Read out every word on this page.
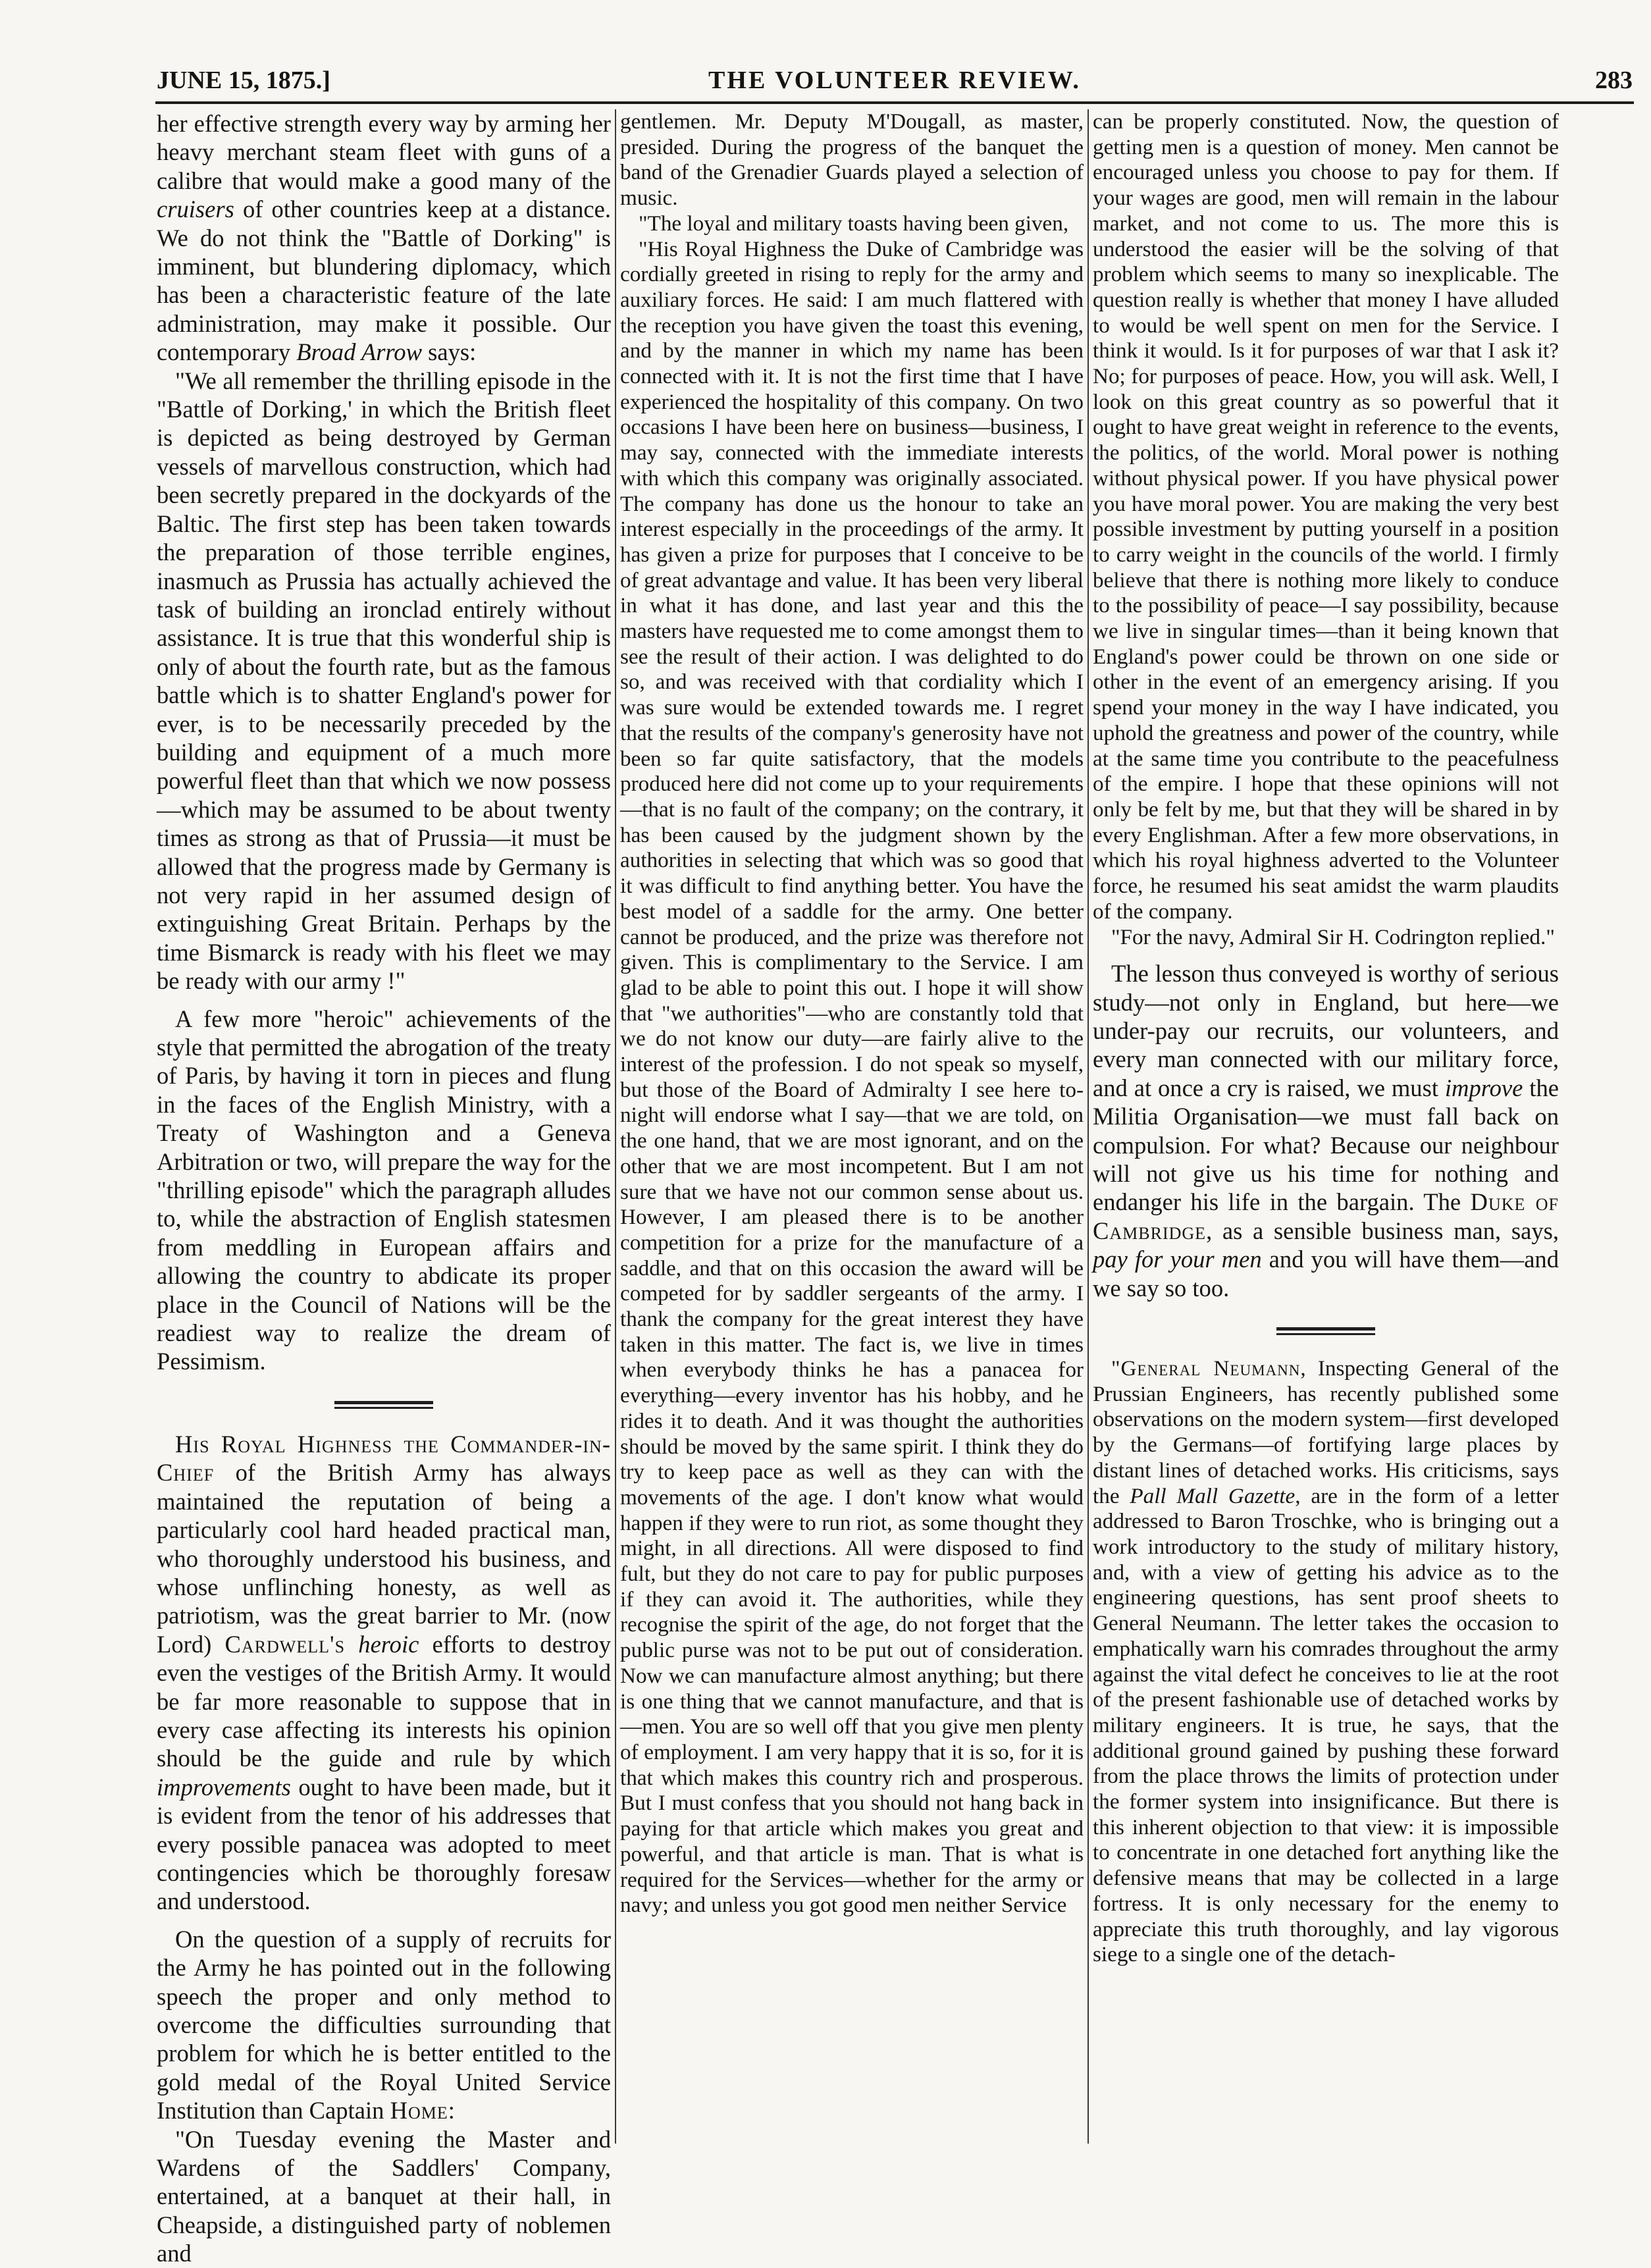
JUNE 15, 1875.]	THE VOLUNTEER REVIEW.	283

her effective strength every way by arming her heavy merchant steam fleet with guns of a calibre that would make a good many of the cruisers of other countries keep at a distance. We do not think the "Battle of Dorking" is imminent, but blundering diplomacy, which has been a characteristic feature of the late administration, may make it possible. Our contemporary Broad Arrow says:

"We all remember the thrilling episode in the "Battle of Dorking,' in which the British fleet is depicted as being destroyed by German vessels of marvellous construction, which had been secretly prepared in the dockyards of the Baltic. The first step has been taken towards the preparation of those terrible engines, inasmuch as Prussia has actually achieved the task of building an ironclad entirely without assistance. It is true that this wonderful ship is only of about the fourth rate, but as the famous battle which is to shatter England's power for ever, is to be necessarily preceded by the building and equipment of a much more powerful fleet than that which we now possess—which may be assumed to be about twenty times as strong as that of Prussia—it must be allowed that the progress made by Germany is not very rapid in her assumed design of extinguishing Great Britain. Perhaps by the time Bismarck is ready with his fleet we may be ready with our army !"

A few more "heroic" achievements of the style that permitted the abrogation of the treaty of Paris, by having it torn in pieces and flung in the faces of the English Ministry, with a Treaty of Washington and a Geneva Arbitration or two, will prepare the way for the "thrilling episode" which the paragraph alludes to, while the abstraction of English statesmen from meddling in European affairs and allowing the country to abdicate its proper place in the Council of Nations will be the readiest way to realize the dream of Pessimism.

His Royal Highness the Commander-in-Chief of the British Army has always maintained the reputation of being a particularly cool hard headed practical man, who thoroughly understood his business, and whose unflinching honesty, as well as patriotism, was the great barrier to Mr. (now Lord) Cardwell's heroic efforts to destroy even the vestiges of the British Army. It would be far more reasonable to suppose that in every case affecting its interests his opinion should be the guide and rule by which improvements ought to have been made, but it is evident from the tenor of his addresses that every possible panacea was adopted to meet contingencies which be thoroughly foresaw and understood.

On the question of a supply of recruits for the Army he has pointed out in the following speech the proper and only method to overcome the difficulties surrounding that problem for which he is better entitled to the gold medal of the Royal United Service Institution than Captain Home:

"On Tuesday evening the Master and Wardens of the Saddlers' Company, entertained, at a banquet at their hall, in Cheapside, a distinguished party of noblemen and

gentlemen. Mr. Deputy M'Dougall, as master, presided. During the progress of the banquet the band of the Grenadier Guards played a selection of music.

"The loyal and military toasts having been given,

"His Royal Highness the Duke of Cambridge was cordially greeted in rising to reply for the army and auxiliary forces. He said: I am much flattered with the reception you have given the toast this evening, and by the manner in which my name has been connected with it. It is not the first time that I have experienced the hospitality of this company. On two occasions I have been here on business—business, I may say, connected with the immediate interests with which this company was originally associated. The company has done us the honour to take an interest especially in the proceedings of the army. It has given a prize for purposes that I conceive to be of great advantage and value. It has been very liberal in what it has done, and last year and this the masters have requested me to come amongst them to see the result of their action. I was delighted to do so, and was received with that cordiality which I was sure would be extended towards me. I regret that the results of the company's generosity have not been so far quite satisfactory, that the models produced here did not come up to your requirements—that is no fault of the company; on the contrary, it has been caused by the judgment shown by the authorities in selecting that which was so good that it was difficult to find anything better. You have the best model of a saddle for the army. One better cannot be produced, and the prize was therefore not given. This is complimentary to the Service. I am glad to be able to point this out. I hope it will show that "we authorities"—who are constantly told that we do not know our duty—are fairly alive to the interest of the profession. I do not speak so myself, but those of the Board of Admiralty I see here to-night will endorse what I say—that we are told, on the one hand, that we are most ignorant, and on the other that we are most incompetent. But I am not sure that we have not our common sense about us. However, I am pleased there is to be another competition for a prize for the manufacture of a saddle, and that on this occasion the award will be competed for by saddler sergeants of the army. I thank the company for the great interest they have taken in this matter. The fact is, we live in times when everybody thinks he has a panacea for everything—every inventor has his hobby, and he rides it to death. And it was thought the authorities should be moved by the same spirit. I think they do try to keep pace as well as they can with the movements of the age. I don't know what would happen if they were to run riot, as some thought they might, in all directions. All were disposed to find fult, but they do not care to pay for public purposes if they can avoid it. The authorities, while they recognise the spirit of the age, do not forget that the public purse was not to be put out of consideration. Now we can manufacture almost anything; but there is one thing that we cannot manufacture, and that is—men. You are so well off that you give men plenty of employment. I am very happy that it is so, for it is that which makes this country rich and prosperous. But I must confess that you should not hang back in paying for that article which makes you great and powerful, and that article is man. That is what is required for the Services—whether for the army or navy; and unless you got good men neither Service

can be properly constituted. Now, the question of getting men is a question of money. Men cannot be encouraged unless you choose to pay for them. If your wages are good, men will remain in the labour market, and not come to us. The more this is understood the easier will be the solving of that problem which seems to many so inexplicable. The question really is whether that money I have alluded to would be well spent on men for the Service. I think it would. Is it for purposes of war that I ask it? No; for purposes of peace. How, you will ask. Well, I look on this great country as so powerful that it ought to have great weight in reference to the events, the politics, of the world. Moral power is nothing without physical power. If you have physical power you have moral power. You are making the very best possible investment by putting yourself in a position to carry weight in the councils of the world. I firmly believe that there is nothing more likely to conduce to the possibility of peace—I say possibility, because we live in singular times—than it being known that England's power could be thrown on one side or other in the event of an emergency arising. If you spend your money in the way I have indicated, you uphold the greatness and power of the country, while at the same time you contribute to the peacefulness of the empire. I hope that these opinions will not only be felt by me, but that they will be shared in by every Englishman. After a few more observations, in which his royal highness adverted to the Volunteer force, he resumed his seat amidst the warm plaudits of the company.

"For the navy, Admiral Sir H. Codrington replied."

The lesson thus conveyed is worthy of serious study—not only in England, but here—we under-pay our recruits, our volunteers, and every man connected with our military force, and at once a cry is raised, we must improve the Militia Organisation—we must fall back on compulsion. For what? Because our neighbour will not give us his time for nothing and endanger his life in the bargain. The Duke of Cambridge, as a sensible business man, says, pay for your men and you will have them—and we say so too.

"General Neumann, Inspecting General of the Prussian Engineers, has recently published some observations on the modern system—first developed by the Germans—of fortifying large places by distant lines of detached works. His criticisms, says the Pall Mall Gazette, are in the form of a letter addressed to Baron Troschke, who is bringing out a work introductory to the study of military history, and, with a view of getting his advice as to the engineering questions, has sent proof sheets to General Neumann. The letter takes the occasion to emphatically warn his comrades throughout the army against the vital defect he conceives to lie at the root of the present fashionable use of detached works by military engineers. It is true, he says, that the additional ground gained by pushing these forward from the place throws the limits of protection under the former system into insignificance. But there is this inherent objection to that view: it is impossible to concentrate in one detached fort anything like the defensive means that may be collected in a large fortress. It is only necessary for the enemy to appreciate this truth thoroughly, and lay vigorous siege to a single one of the detach-
